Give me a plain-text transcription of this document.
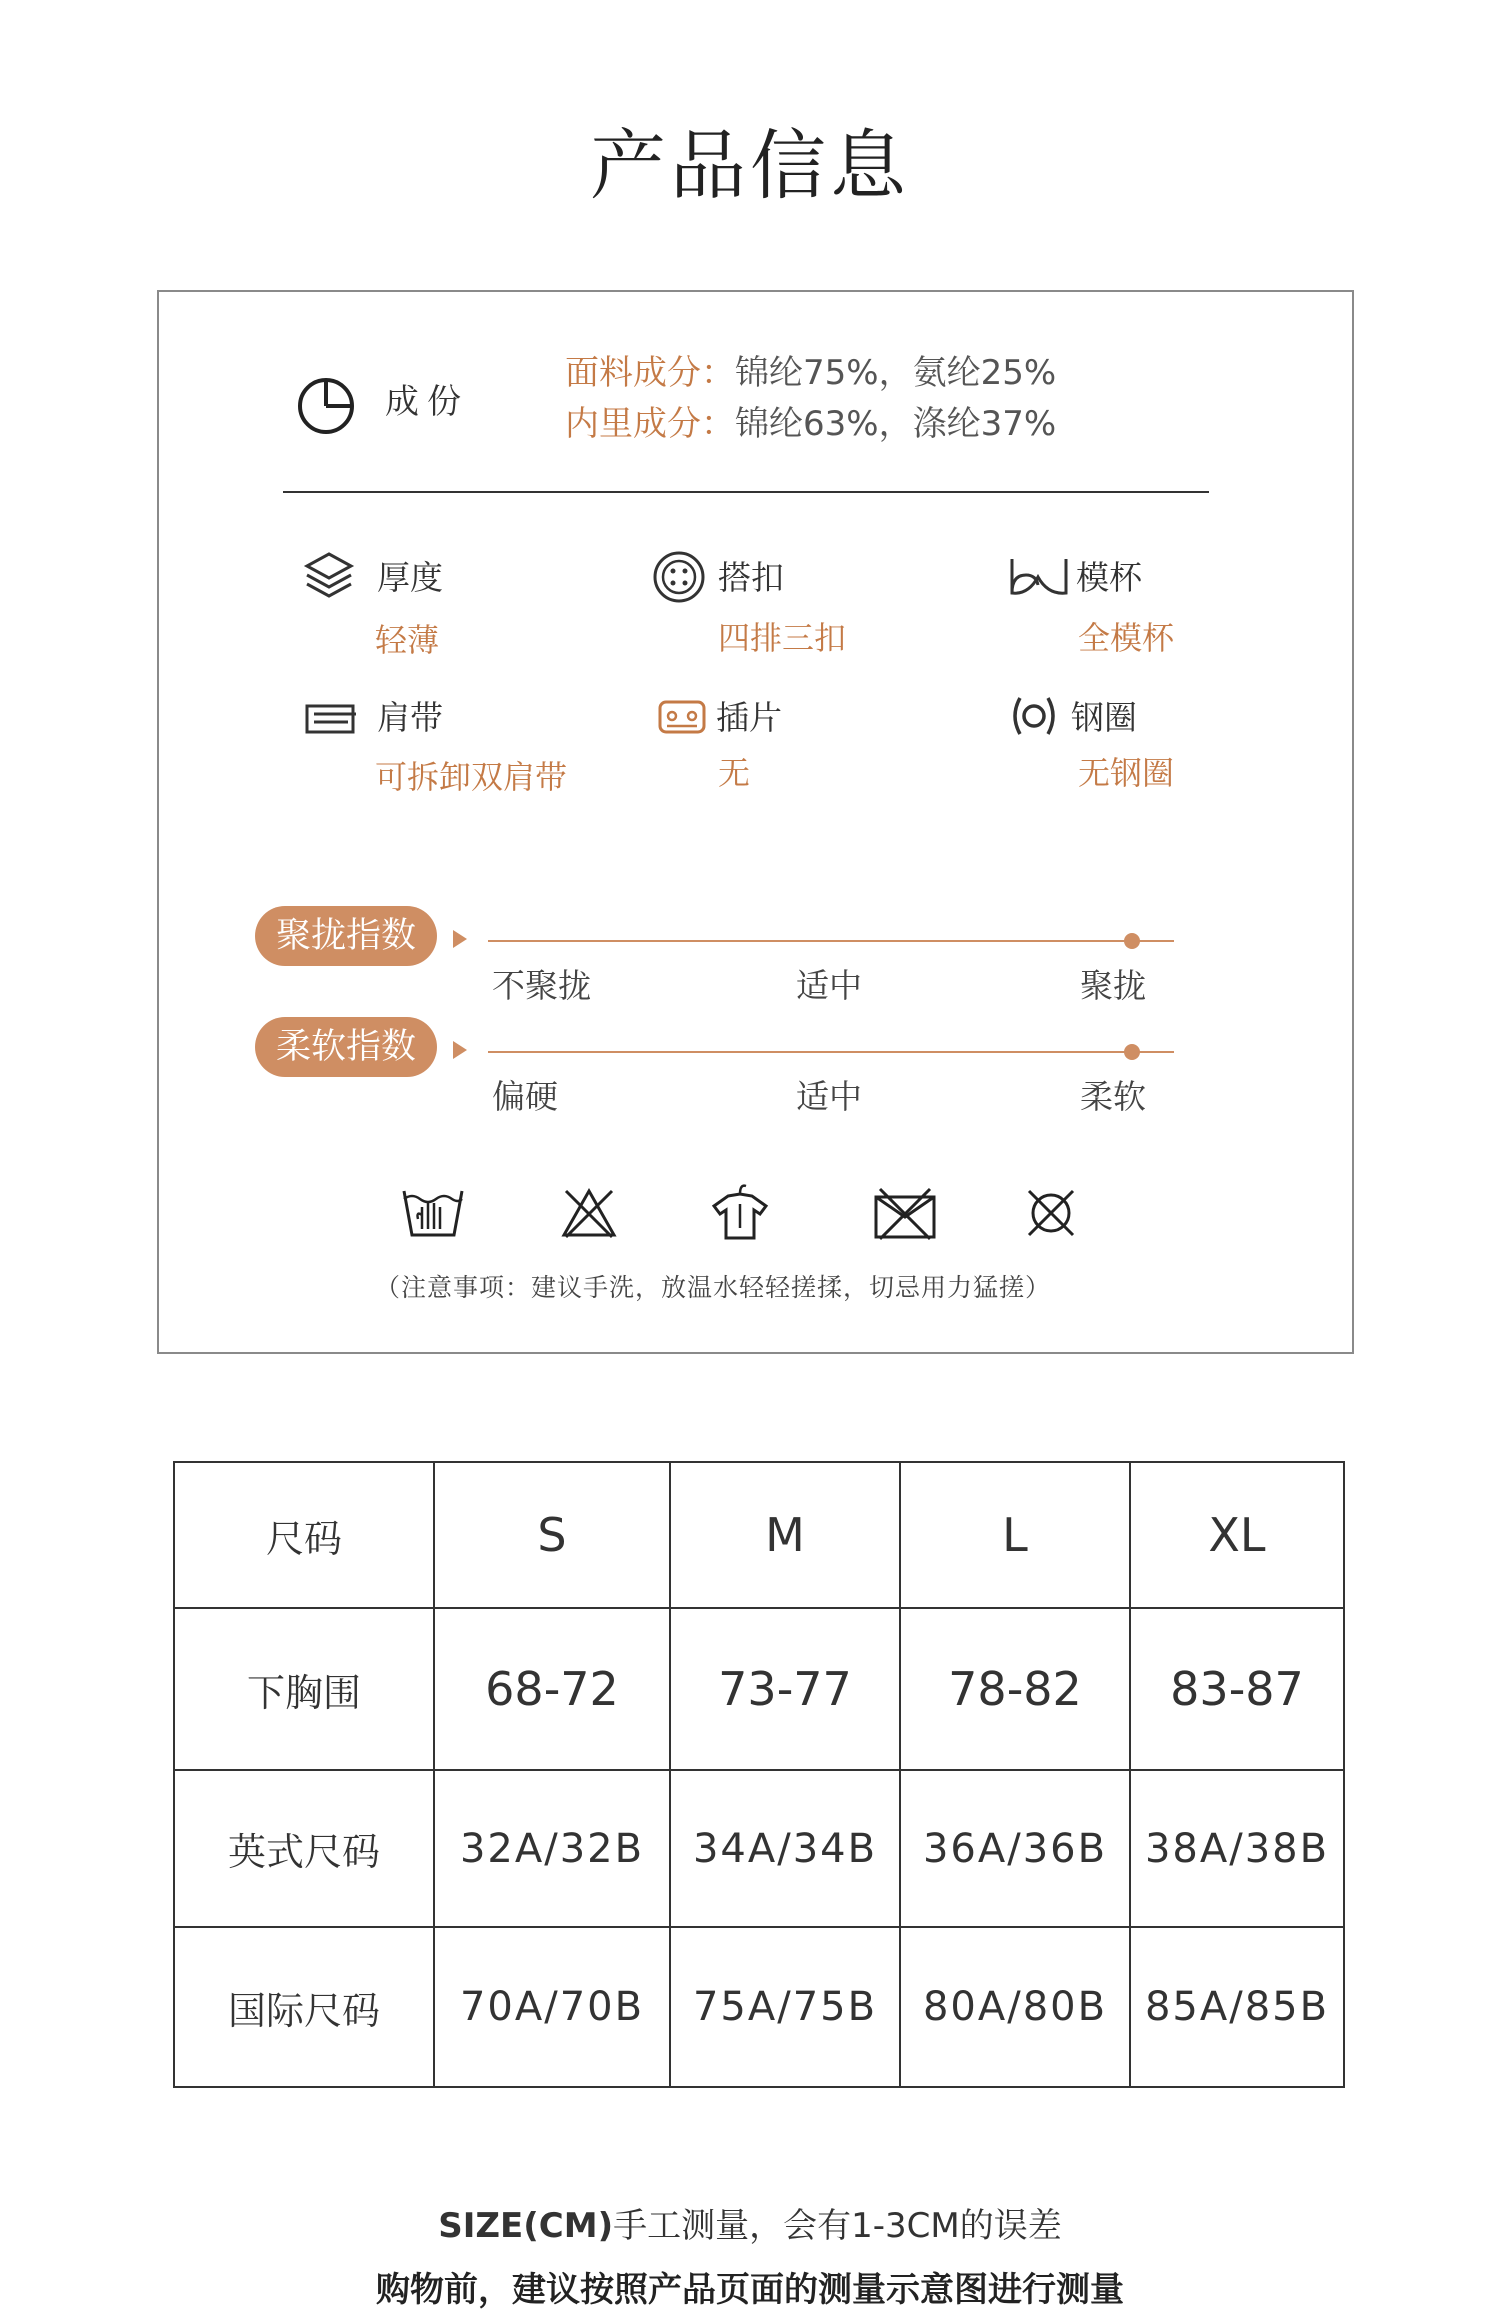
产品信息
成份
面料成分：锦纶75%，氨纶25%
内里成分：锦纶63%，涤纶37%
厚度
轻薄
搭扣
四排三扣
模杯
全模杯
肩带
可拆卸双肩带
插片
无
钢圈
无钢圈
聚拢指数
不聚拢	适中	聚拢
柔软指数
偏硬	适中	柔软
（注意事项：建议手洗，放温水轻轻搓揉，切忌用力猛搓）
尺码	S	M	L	XL
下胸围	68-72	73-77	78-82	83-87
英式尺码	32A/32B	34A/34B	36A/36B	38A/38B
国际尺码	70A/70B	75A/75B	80A/80B	85A/85B
SIZE(CM)手工测量，会有1-3CM的误差
购物前，建议按照产品页面的测量示意图进行测量
